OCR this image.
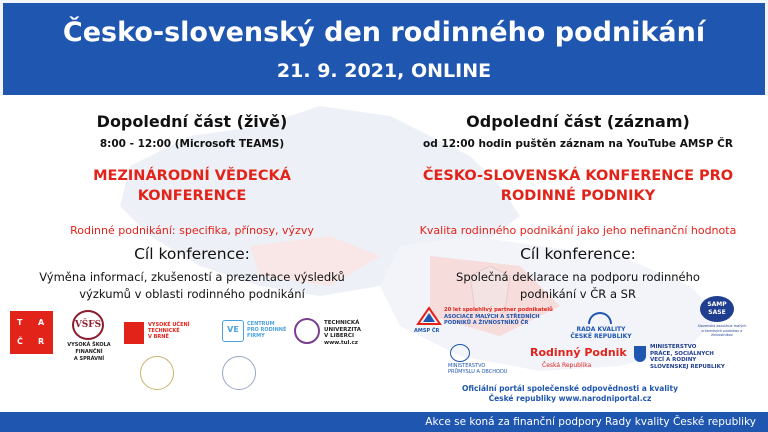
Česko-slovenský den rodinného podnikání
21. 9. 2021, ONLINE
Dopolední část (živě)
8:00 - 12:00 (Microsoft TEAMS)
MEZINÁRODNÍ VĚDECKÁ
KONFERENCE
Rodinné podnikání: specifika, přínosy, výzvy
Cíl konference:
Výměna informací, zkušeností a prezentace výsledků
výzkumů v oblasti rodinného podnikání
Odpolední část (záznam)
od 12:00 hodin puštěn záznam na YouTube AMSP ČR
ČESKO-SLOVENSKÁ KONFERENCE PRO
RODINNÉ PODNIKY
Kvalita rodinného podnikání jako jeho nefinanční hodnota
Cíl konference:
Společná deklarace na podporu rodinného
podnikání v ČR a SR
T A
Č R
VŠFS
VYSOKÁ ŠKOLA
FINANČNÍ
A SPRÁVNÍ
VYSOKÉ UČENÍ
TECHNICKÉ
V BRNĚ
VE
CENTRUM
PRO RODINNÉ
FIRMY
TECHNICKÁ
UNIVERZITA
V LIBERCI
www.tul.cz
AMSP ČR
20 let spolehlivý partner podnikatelů
ASOCIACE MALÝCH A STŘEDNÍCH
PODNIKŮ A ŽIVNOSTNÍKŮ ČR
RADA KVALITY
ČESKÉ REPUBLIKY
SAMP
SASE
Slovenská asociácia malých
a stredných podnikov a živnostníkov
MINISTERSTVO
PRŮMYSLU A OBCHODU
Rodinný Podnik
Česká Republika
MINISTERSTVO
PRÁCE, SOCIÁLNYCH
VECÍ A RODINY
SLOVENSKEJ REPUBLIKY
Oficiální portál společenské odpovědnosti a kvality
České republiky www.narodniportal.cz
Akce se koná za finanční podpory Rady kvality České republiky
